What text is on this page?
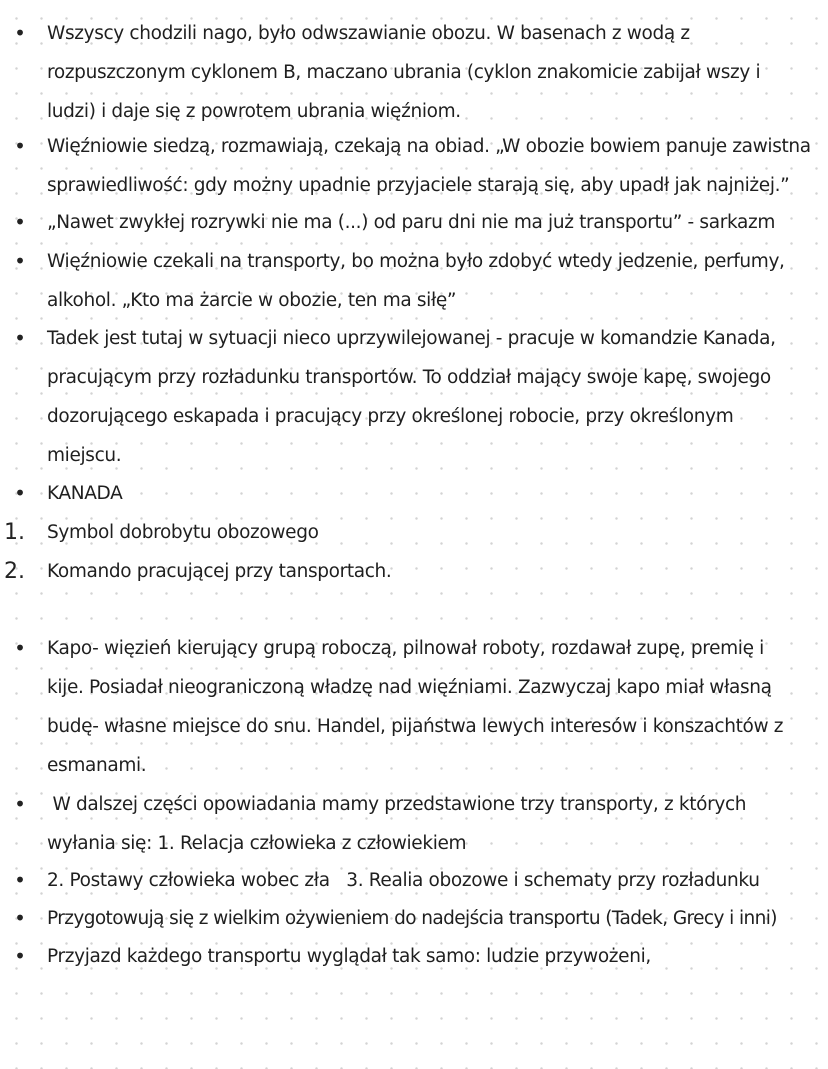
•	Wszyscy chodzili nago, było odwszawianie obozu. W basenach z wodą z
rozpuszczonym cyklonem B, maczano ubrania (cyklon znakomicie zabijał wszy i
ludzi) i daje się z powrotem ubrania więźniom.
•	Więźniowie siedzą, rozmawiają, czekają na obiad. „W obozie bowiem panuje zawistna
sprawiedliwość: gdy możny upadnie przyjaciele starają się, aby upadł jak najniżej.”
•	„Nawet zwykłej rozrywki nie ma (...) od paru dni nie ma już transportu” - sarkazm
•	Więźniowie czekali na transporty, bo można było zdobyć wtedy jedzenie, perfumy,
alkohol. „Kto ma żarcie w obozie, ten ma siłę”
•	Tadek jest tutaj w sytuacji nieco uprzywilejowanej - pracuje w komandzie Kanada,
pracującym przy rozładunku transportów. To oddział mający swoje kapę, swojego
dozorującego eskapada i pracujący przy określonej robocie, przy określonym
miejscu.
•	KANADA
1.	Symbol dobrobytu obozowego
2.	Komando pracującej przy tansportach.
•	Kapo- więzień kierujący grupą roboczą, pilnował roboty, rozdawał zupę, premię i
kije. Posiadał nieograniczoną władzę nad więźniami. Zazwyczaj kapo miał własną
budę- własne miejsce do snu. Handel, pijaństwa lewych interesów i konszachtów z
esmanami.
•	W dalszej części opowiadania mamy przedstawione trzy transporty, z których
wyłania się: 1. Relacja człowieka z człowiekiem
•	2. Postawy człowieka wobec zła   3. Realia obozowe i schematy przy rozładunku
•	Przygotowują się z wielkim ożywieniem do nadejścia transportu (Tadek, Grecy i inni)
•	Przyjazd każdego transportu wyglądał tak samo: ludzie przywożeni,
